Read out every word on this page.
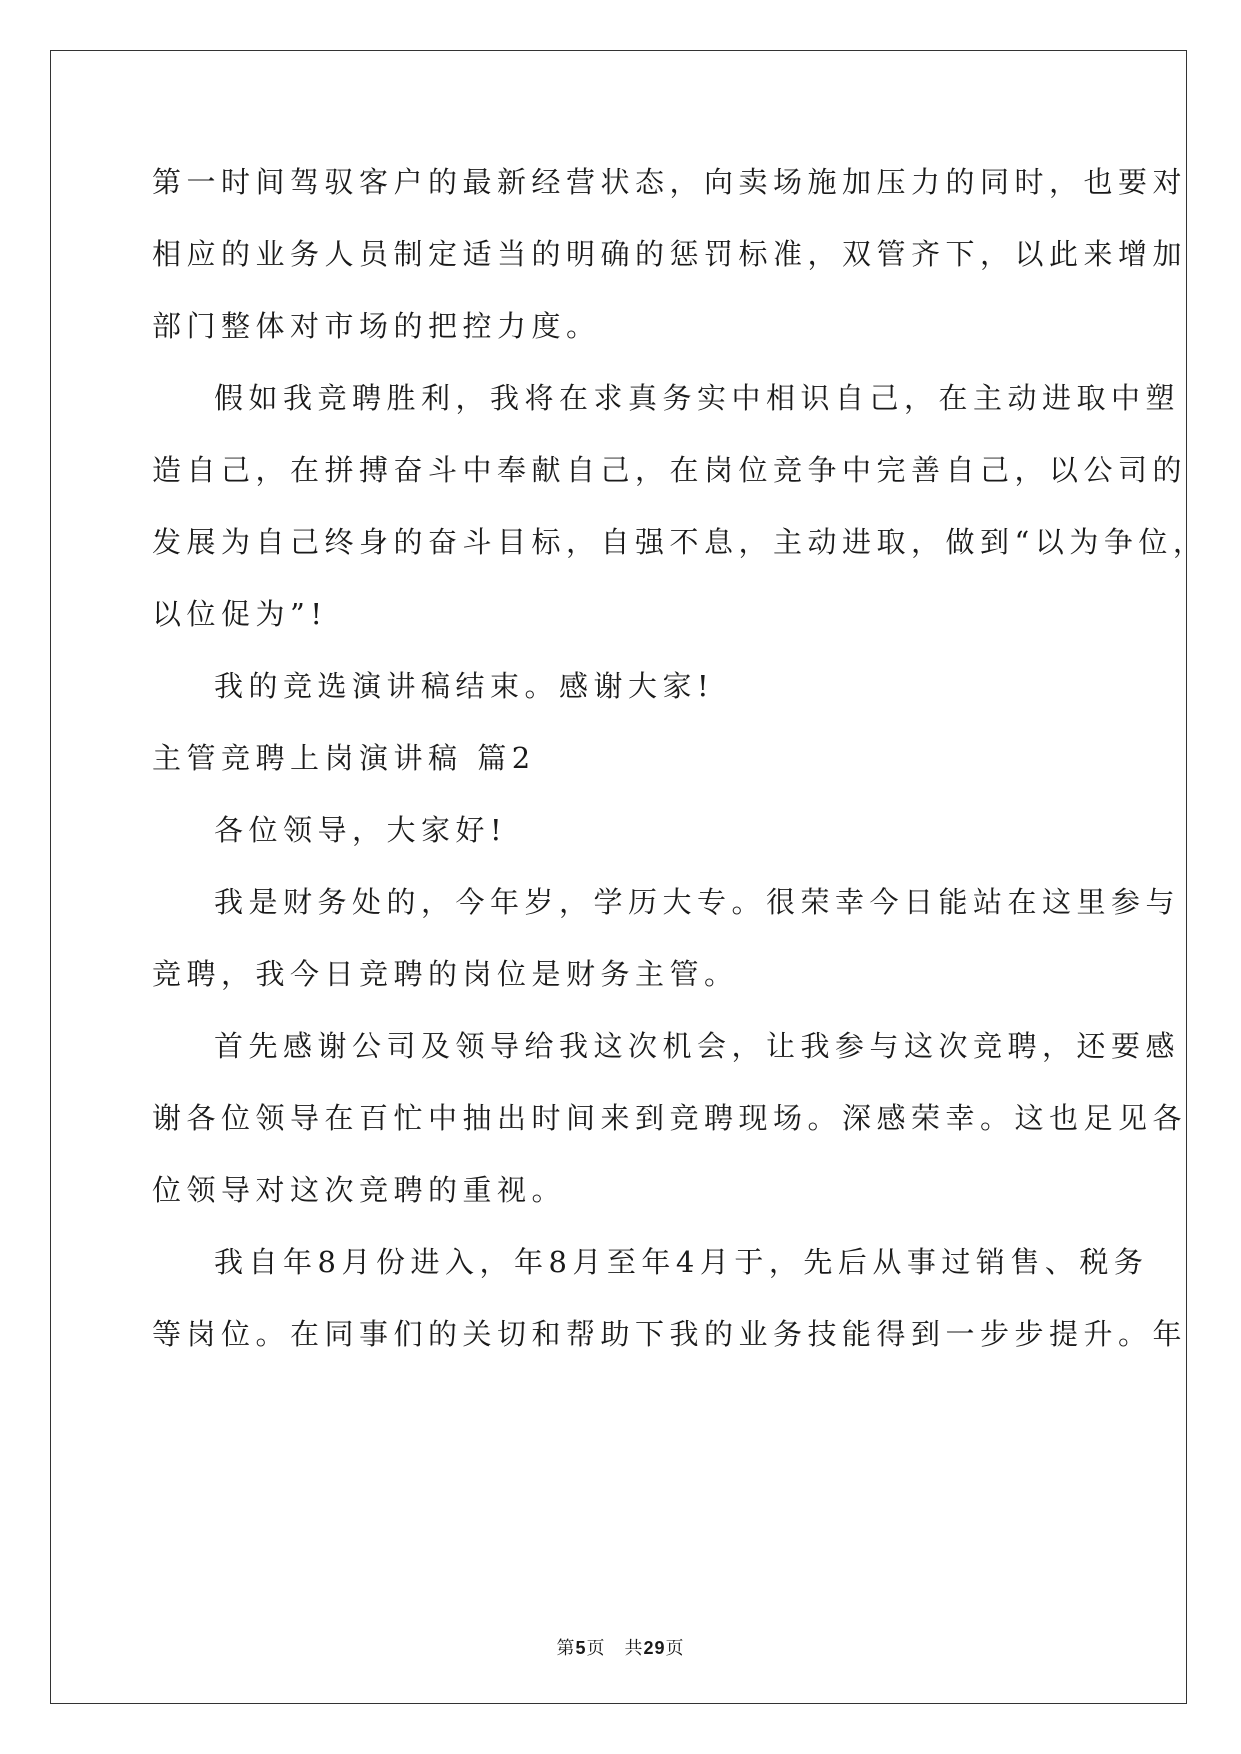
第一时间驾驭客户的最新经营状态，向卖场施加压力的同时，也要对
相应的业务人员制定适当的明确的惩罚标准，双管齐下，以此来增加
部门整体对市场的把控力度。
假如我竞聘胜利，我将在求真务实中相识自己，在主动进取中塑
造自己，在拼搏奋斗中奉献自己，在岗位竞争中完善自己，以公司的
发展为自己终身的奋斗目标，自强不息，主动进取，做到“以为争位，
以位促为”!
我的竞选演讲稿结束。感谢大家!
主管竞聘上岗演讲稿 篇2
各位领导，大家好!
我是财务处的，今年岁，学历大专。很荣幸今日能站在这里参与
竞聘，我今日竞聘的岗位是财务主管。
首先感谢公司及领导给我这次机会，让我参与这次竞聘，还要感
谢各位领导在百忙中抽出时间来到竞聘现场。深感荣幸。这也足见各
位领导对这次竞聘的重视。
我自年8月份进入，年8月至年4月于，先后从事过销售、税务
等岗位。在同事们的关切和帮助下我的业务技能得到一步步提升。年
第5页　共29页
